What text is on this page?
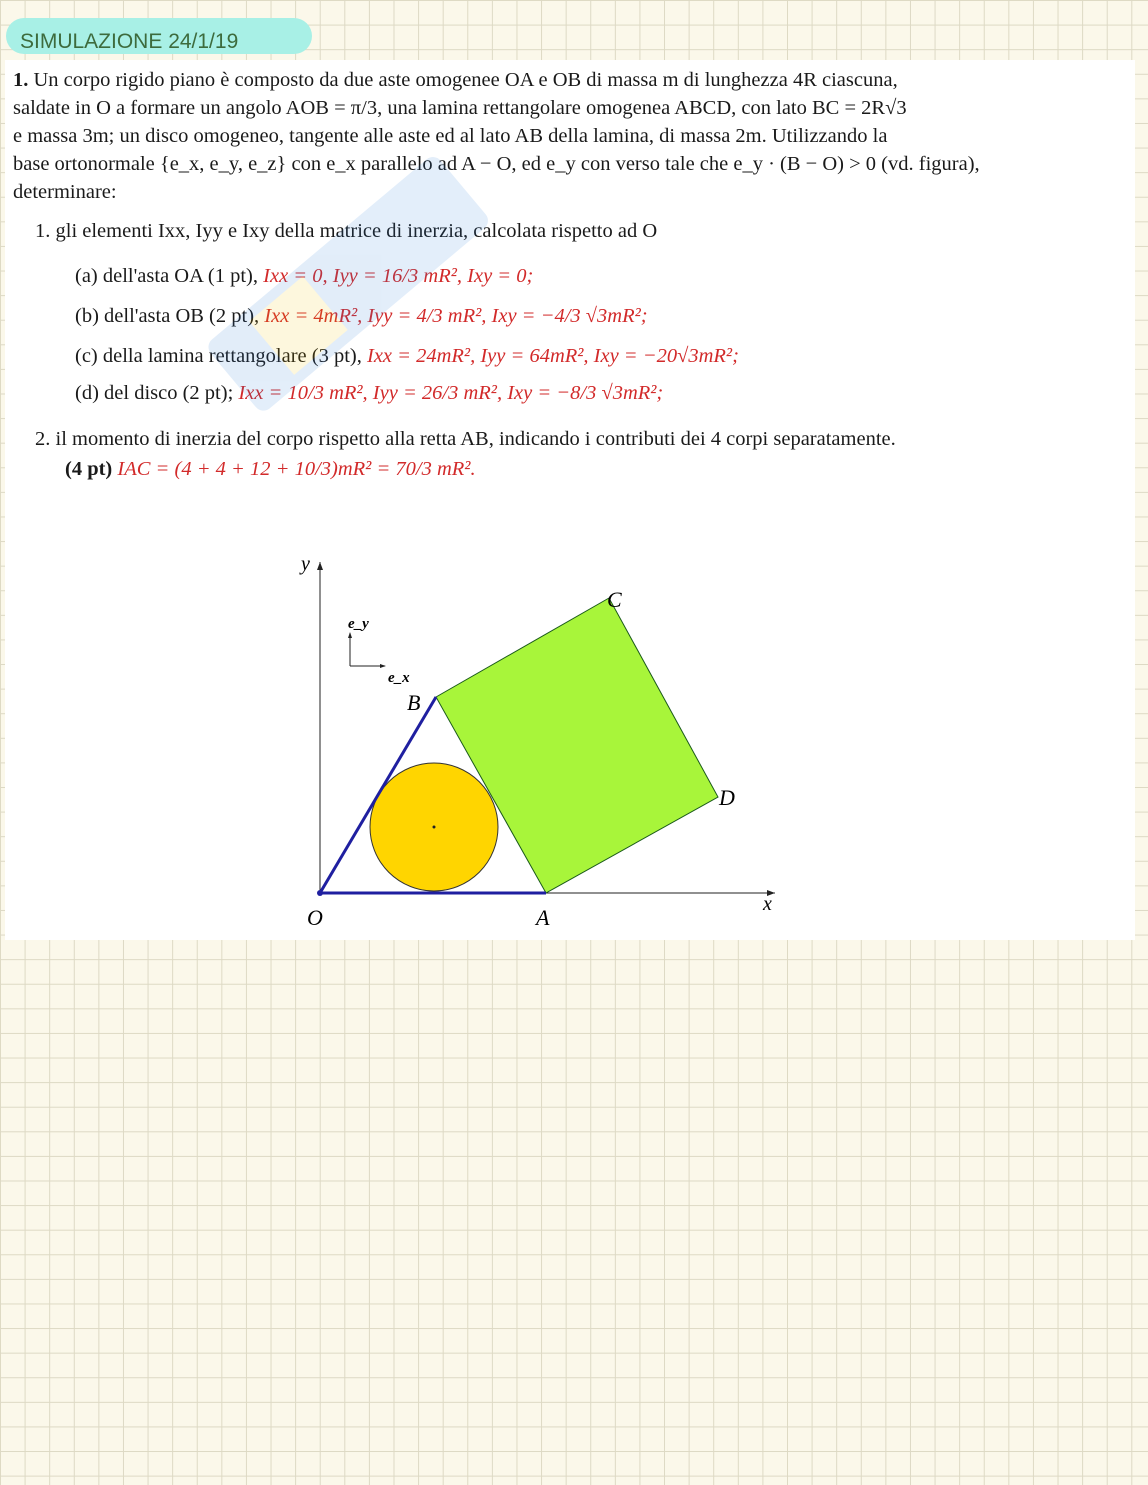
SIMULAZIONE 24/1/19

1. Un corpo rigido piano è composto da due aste omogenee OA e OB di massa m di lunghezza 4R ciascuna,

saldate in O a formare un angolo AOB = π/3, una lamina rettangolare omogenea ABCD, con lato BC = 2R√3

e massa 3m; un disco omogeneo, tangente alle aste ed al lato AB della lamina, di massa 2m. Utilizzando la

base ortonormale {e_x, e_y, e_z} con e_x parallelo ad A − O, ed e_y con verso tale che e_y · (B − O) > 0 (vd. figura),

determinare:

1. gli elementi Ixx, Iyy e Ixy della matrice di inerzia, calcolata rispetto ad O
(a) dell'asta OA (1 pt), Ixx = 0, Iyy = 16/3 mR², Ixy = 0;
(b) dell'asta OB (2 pt), Ixx = 4mR², Iyy = 4/3 mR², Ixy = −4/3 √3mR²;
(c) della lamina rettangolare (3 pt), Ixx = 24mR², Iyy = 64mR², Ixy = −20√3mR²;
(d) del disco (2 pt); Ixx = 10/3 mR², Iyy = 26/3 mR², Ixy = −8/3 √3mR²;
2. il momento di inerzia del corpo rispetto alla retta AB, indicando i contributi dei 4 corpi separatamente.
(4 pt) IAC = (4 + 4 + 12 + 10/3)mR² = 70/3 mR².
y
x
e_y
e_x
O	A
B
C
D
